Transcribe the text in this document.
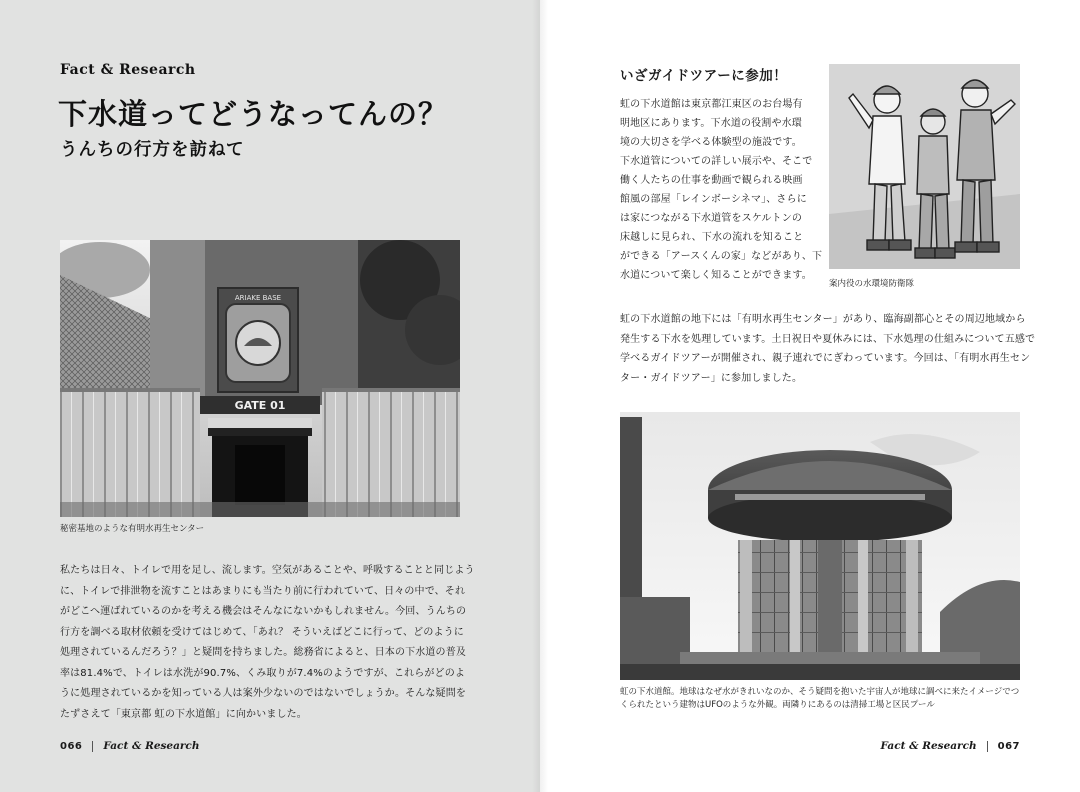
Fact & Research
下水道ってどうなってんの？
うんちの行方を訪ねて
ARIAKE BASE
GATE 01
秘密基地のような有明水再生センター
私たちは日々、トイレで用を足し、流します。空気があることや、呼吸することと同じよう
に、トイレで排泄物を流すことはあまりにも当たり前に行われていて、日々の中で、それ
がどこへ運ばれているのかを考える機会はそんなにないかもしれません。今回、うんちの
行方を調べる取材依頼を受けてはじめて、「あれ？ そういえばどこに行って、どのように
処理されているんだろう？」と疑問を持ちました。総務省によると、日本の下水道の普及
率は81.4%で、トイレは水洗が90.7%、くみ取りが7.4%のようですが、これらがどのよ
うに処理されているかを知っている人は案外少ないのではないでしょうか。そんな疑問を
たずさえて「東京都 虹の下水道館」に向かいました。
066 Fact & Research
いざガイドツアーに参加！
虹の下水道館は東京都江東区のお台場有
明地区にあります。下水道の役割や水環
境の大切さを学べる体験型の施設です。
下水道管についての詳しい展示や、そこで
働く人たちの仕事を動画で観られる映画
館風の部屋「レインボーシネマ」、さらに
は家につながる下水道管をスケルトンの
床越しに見られ、下水の流れを知ること
ができる「アースくんの家」などがあり、下
水道について楽しく知ることができます。
案内役の水環境防衛隊
虹の下水道館の地下には「有明水再生センター」があり、臨海副都心とその周辺地域から
発生する下水を処理しています。土日祝日や夏休みには、下水処理の仕組みについて五感で
学べるガイドツアーが開催され、親子連れでにぎわっています。今回は、「有明水再生セン
ター・ガイドツアー」に参加しました。
虹の下水道館。地球はなぜ水がきれいなのか、そう疑問を抱いた宇宙人が地球に調べに来たイメージでつ
くられたという建物はUFOのような外観。両隣りにあるのは清掃工場と区民プール
Fact & Research 067
